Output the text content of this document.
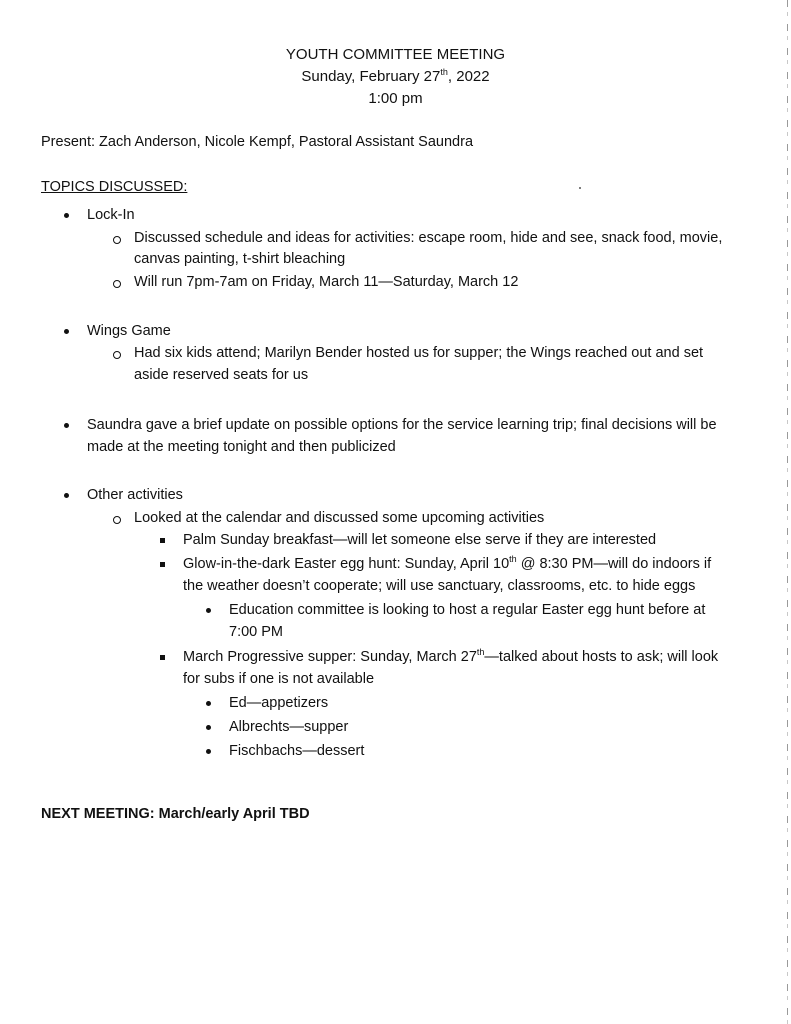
YOUTH COMMITTEE MEETING
Sunday, February 27th, 2022
1:00 pm
Present: Zach Anderson, Nicole Kempf, Pastoral Assistant Saundra
TOPICS DISCUSSED:
Lock-In
Discussed schedule and ideas for activities: escape room, hide and see, snack food, movie,
canvas painting, t-shirt bleaching
Will run 7pm-7am on Friday, March 11—Saturday, March 12
Wings Game
Had six kids attend; Marilyn Bender hosted us for supper; the Wings reached out and set
aside reserved seats for us
Saundra gave a brief update on possible options for the service learning trip; final decisions will be
made at the meeting tonight and then publicized
Other activities
Looked at the calendar and discussed some upcoming activities
Palm Sunday breakfast—will let someone else serve if they are interested
Glow-in-the-dark Easter egg hunt: Sunday, April 10th @ 8:30 PM—will do indoors if
the weather doesn’t cooperate; will use sanctuary, classrooms, etc. to hide eggs
Education committee is looking to host a regular Easter egg hunt before at
7:00 PM
March Progressive supper: Sunday, March 27th—talked about hosts to ask; will look
for subs if one is not available
Ed—appetizers
Albrechts—supper
Fischbachs—dessert
NEXT MEETING: March/early April TBD
